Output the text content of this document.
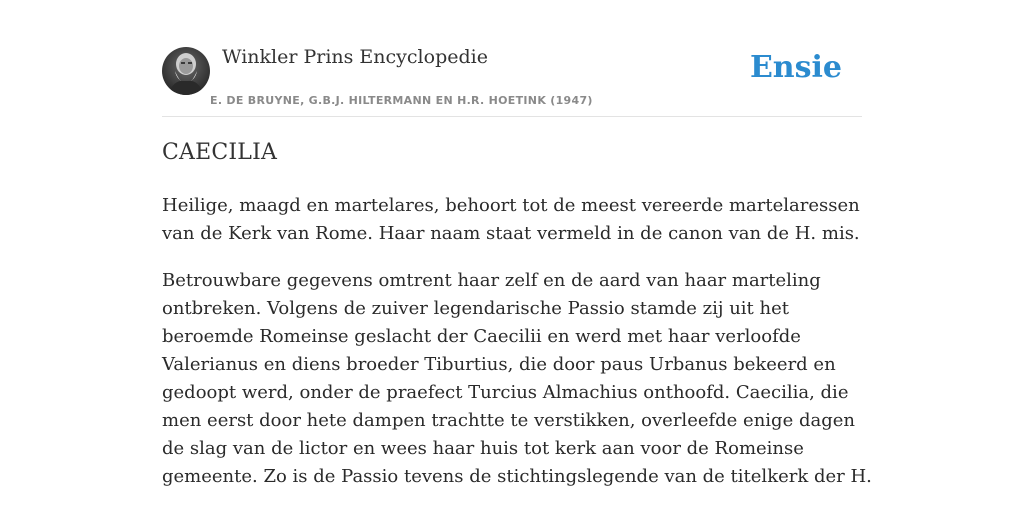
Winkler Prins Encyclopedie
E. DE BRUYNE, G.B.J. HILTERMANN EN H.R. HOETINK (1947)
Ensie
CAECILIA

Heilige, maagd en martelares, behoort tot de meest vereerde martelaressen van de Kerk van Rome. Haar naam staat vermeld in de canon van de H. mis.

Betrouwbare gegevens omtrent haar zelf en de aard van haar marteling ontbreken. Volgens de zuiver legendarische Passio stamde zij uit het beroemde Romeinse geslacht der Caecilii en werd met haar verloofde Valerianus en diens broeder Tiburtius, die door paus Urbanus bekeerd en gedoopt werd, onder de praefect Turcius Almachius onthoofd. Caecilia, die men eerst door hete dampen trachtte te verstikken, overleefde enige dagen de slag van de lictor en wees haar huis tot kerk aan voor de Romeinse gemeente. Zo is de Passio tevens de stichtingslegende van de titelkerk der H.
